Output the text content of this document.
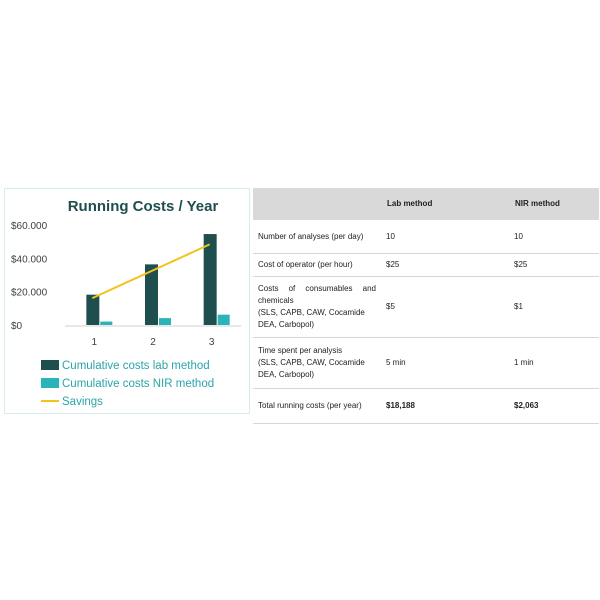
Running Costs / Year
$0
$20.000
$40.000
$60.000
1	2	3
Cumulative costs lab method
Cumulative costs NIR method
Savings
	Lab method	NIR method
Number of analyses (per day)	10	10
Cost of operator (per hour)	$25	$25

Costs of consumables and chemicals
(SLS, CAPB, CAW, Cocamide DEA, Carbopol)	$5	$1

Time spent per analysis
(SLS, CAPB, CAW, Cocamide DEA, Carbopol)	5 min	1 min
Total running costs (per year)	$18,188	$2,063
